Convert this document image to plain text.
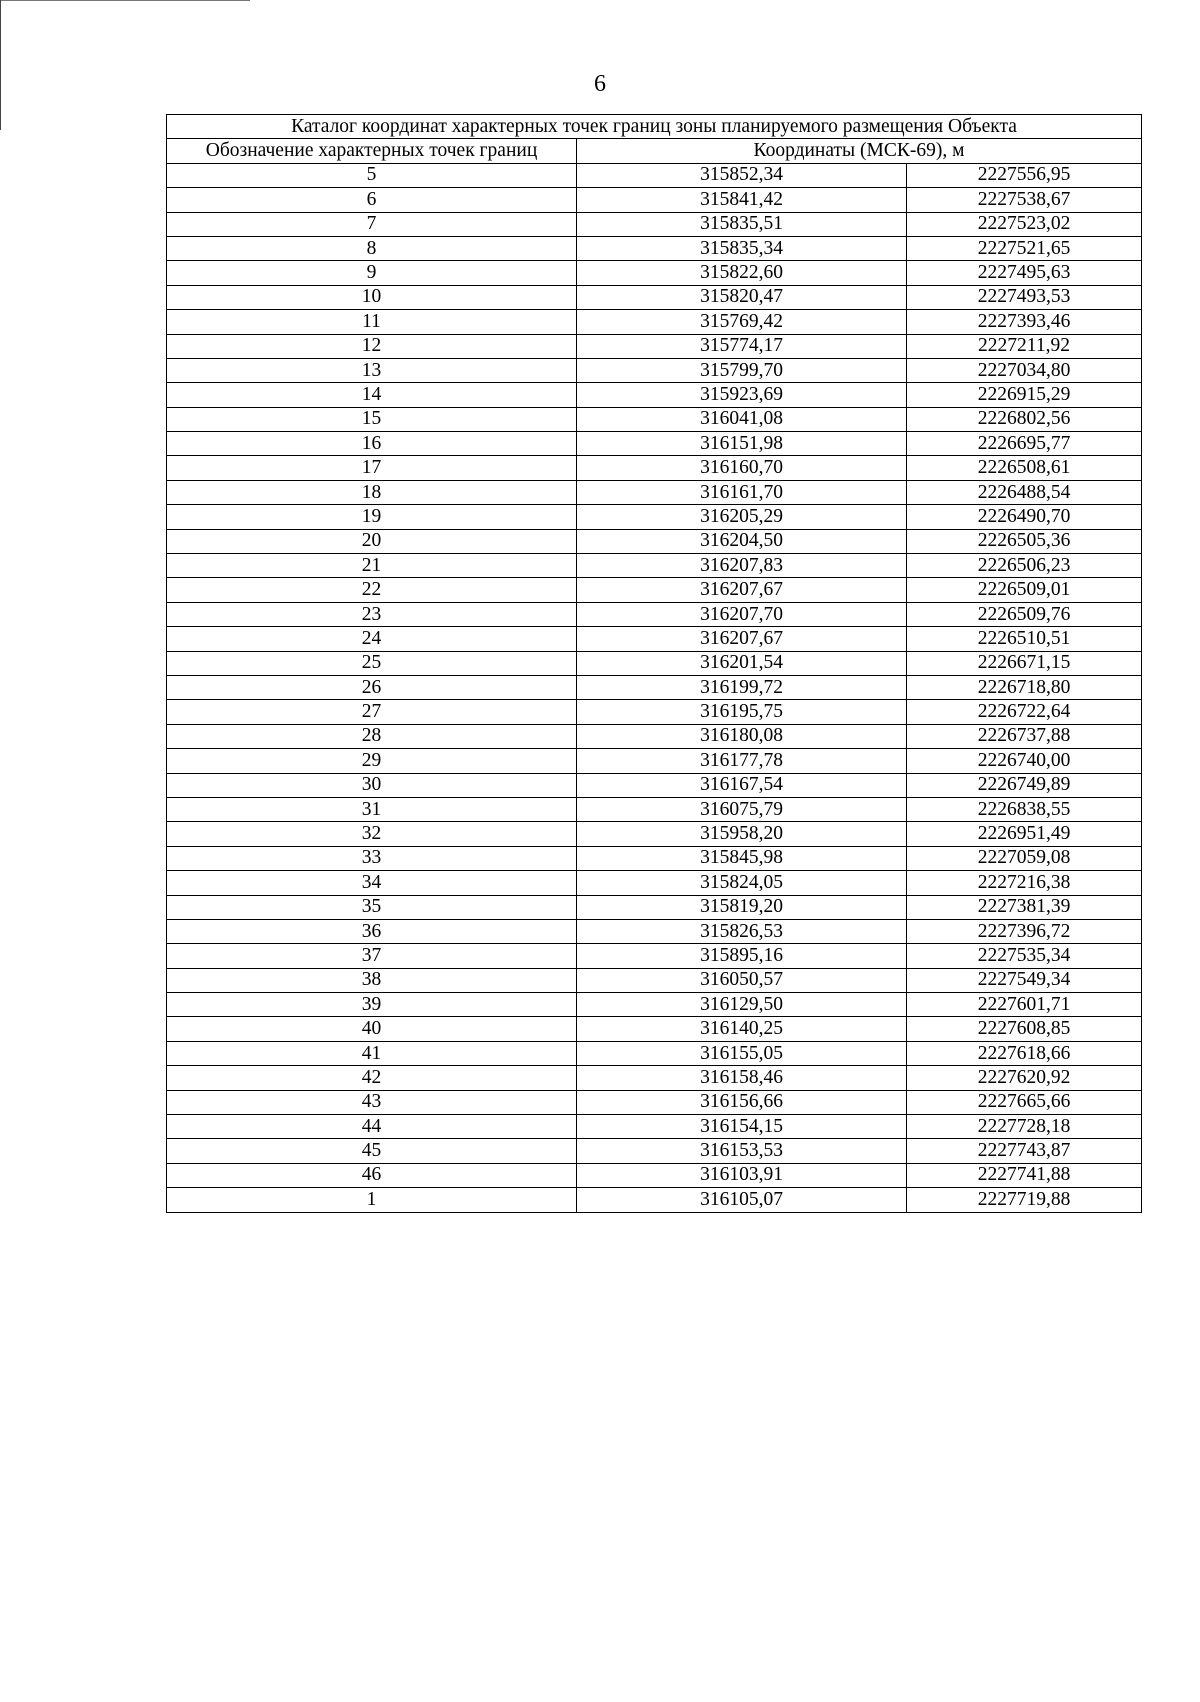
6
Каталог координат характерных точек границ зоны планируемого размещения Объекта		
Обозначение характерных точек границ	Координаты (МСК-69), м	
5	315852,34	2227556,95
6	315841,42	2227538,67
7	315835,51	2227523,02
8	315835,34	2227521,65
9	315822,60	2227495,63
10	315820,47	2227493,53
11	315769,42	2227393,46
12	315774,17	2227211,92
13	315799,70	2227034,80
14	315923,69	2226915,29
15	316041,08	2226802,56
16	316151,98	2226695,77
17	316160,70	2226508,61
18	316161,70	2226488,54
19	316205,29	2226490,70
20	316204,50	2226505,36
21	316207,83	2226506,23
22	316207,67	2226509,01
23	316207,70	2226509,76
24	316207,67	2226510,51
25	316201,54	2226671,15
26	316199,72	2226718,80
27	316195,75	2226722,64
28	316180,08	2226737,88
29	316177,78	2226740,00
30	316167,54	2226749,89
31	316075,79	2226838,55
32	315958,20	2226951,49
33	315845,98	2227059,08
34	315824,05	2227216,38
35	315819,20	2227381,39
36	315826,53	2227396,72
37	315895,16	2227535,34
38	316050,57	2227549,34
39	316129,50	2227601,71
40	316140,25	2227608,85
41	316155,05	2227618,66
42	316158,46	2227620,92
43	316156,66	2227665,66
44	316154,15	2227728,18
45	316153,53	2227743,87
46	316103,91	2227741,88
1	316105,07	2227719,88
